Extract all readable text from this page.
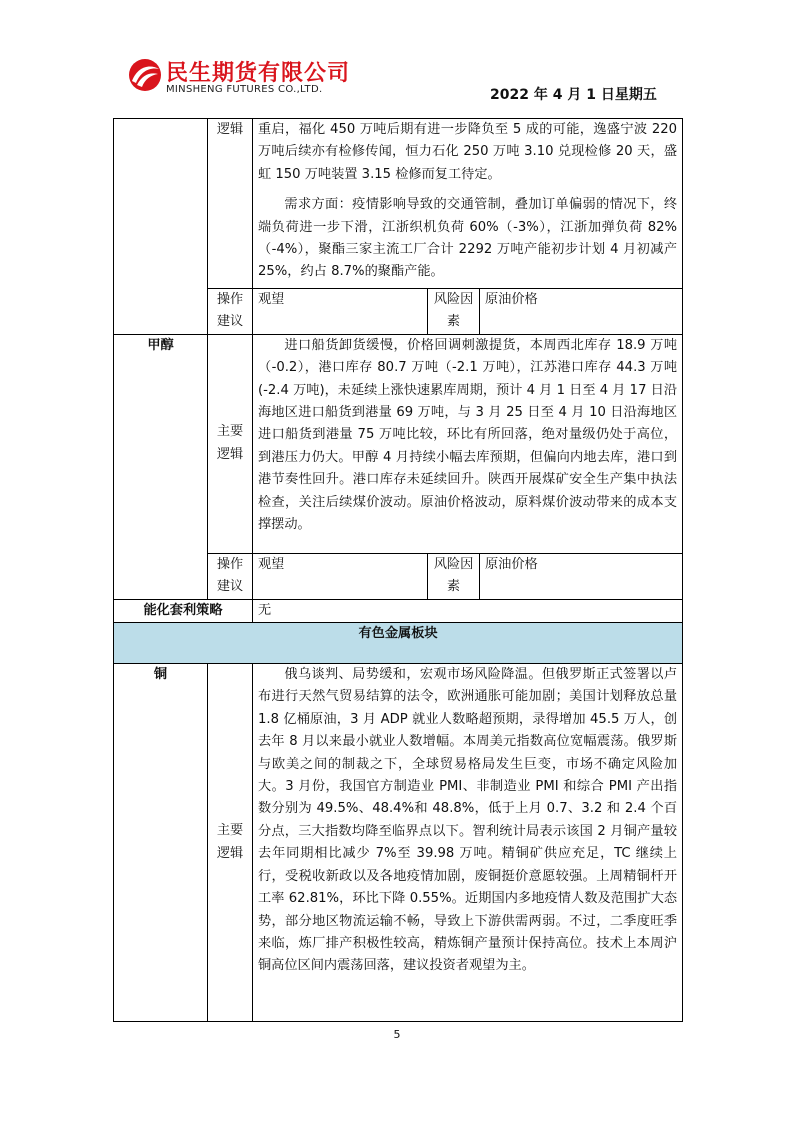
民生期货有限公司
MINSHENG FUTURES CO.,LTD.	2022 年 4 月 1 日星期五
	逻辑	重启，福化 450 万吨后期有进一步降负至 5 成的可能，逸盛宁波 220 万吨后续亦有检修传闻，恒力石化 250 万吨 3.10 兑现检修 20 天，盛虹 150 万吨装置 3.15 检修而复工待定。

需求方面：疫情影响导致的交通管制，叠加订单偏弱的情况下，终端负荷进一步下滑，江浙织机负荷 60%（-3%），江浙加弹负荷 82%（-4%），聚酯三家主流工厂合计 2292 万吨产能初步计划 4 月初减产 25%，约占 8.7%的聚酯产能。		

	操作建议	观望	风险因素	原油价格
甲醇	主要逻辑	进口船货卸货缓慢，价格回调刺激提货，本周西北库存 18.9 万吨（-0.2），港口库存 80.7 万吨（-2.1 万吨），江苏港口库存 44.3 万吨(-2.4 万吨)，未延续上涨快速累库周期，预计 4 月 1 日至 4 月 17 日沿海地区进口船货到港量 69 万吨，与 3 月 25 日至 4 月 10 日沿海地区进口船货到港量 75 万吨比较，环比有所回落，绝对量级仍处于高位，到港压力仍大。甲醇 4 月持续小幅去库预期，但偏向内地去库，港口到港节奏性回升。港口库存未延续回升。陕西开展煤矿安全生产集中执法检查，关注后续煤价波动。原油价格波动，原料煤价波动带来的成本支撑摆动。		

	操作建议	观望	风险因素	原油价格
能化套利策略		无		
有色金属板块				
铜	主要逻辑	俄乌谈判、局势缓和，宏观市场风险降温。但俄罗斯正式签署以卢布进行天然气贸易结算的法令，欧洲通胀可能加剧；美国计划释放总量 1.8 亿桶原油，3 月 ADP 就业人数略超预期，录得增加 45.5 万人，创去年 8 月以来最小就业人数增幅。本周美元指数高位宽幅震荡。俄罗斯与欧美之间的制裁之下，全球贸易格局发生巨变，市场不确定风险加大。3 月份，我国官方制造业 PMI、非制造业 PMI 和综合 PMI 产出指数分别为 49.5%、48.4%和 48.8%，低于上月 0.7、3.2 和 2.4 个百分点，三大指数均降至临界点以下。智利统计局表示该国 2 月铜产量较去年同期相比减少 7%至 39.98 万吨。精铜矿供应充足，TC 继续上行，受税收新政以及各地疫情加剧，废铜挺价意愿较强。上周精铜杆开工率 62.81%，环比下降 0.55%。近期国内多地疫情人数及范围扩大态势，部分地区物流运输不畅，导致上下游供需两弱。不过，二季度旺季来临，炼厂排产积极性较高，精炼铜产量预计保持高位。技术上本周沪铜高位区间内震荡回落，建议投资者观望为主。		

5
